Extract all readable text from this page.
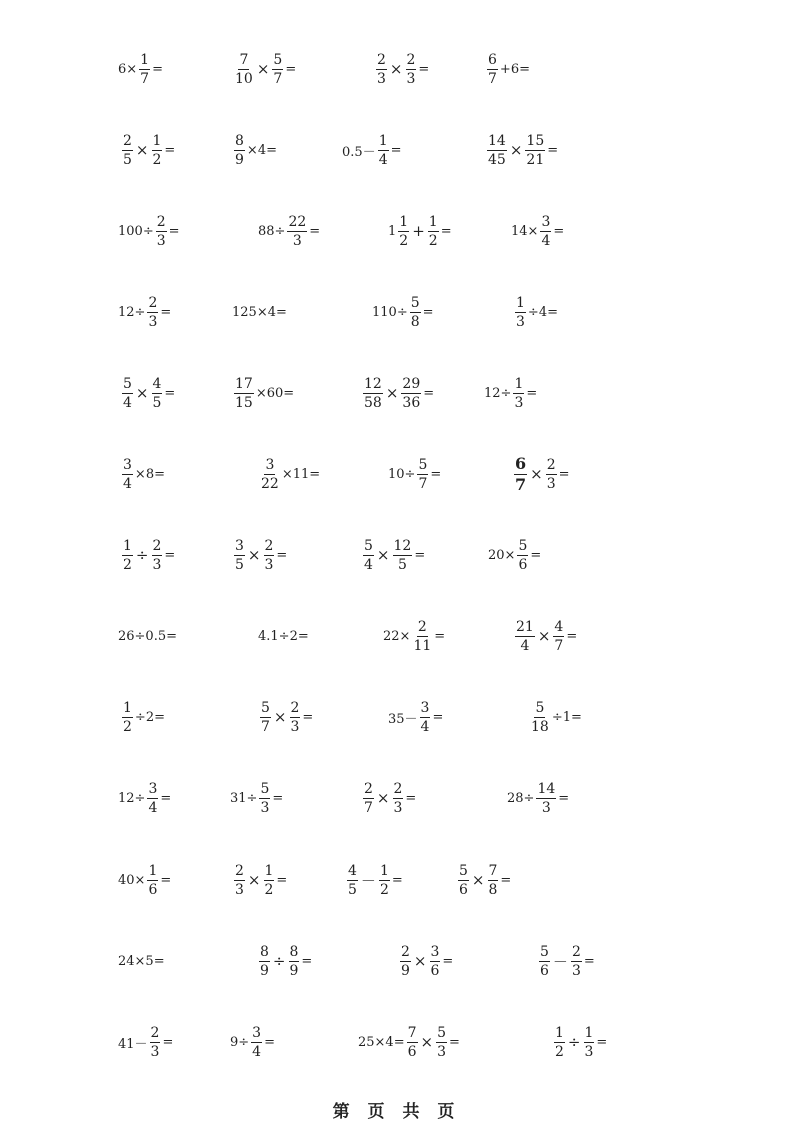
$6\times \frac{1}{7}$ =	$\frac{7}{10} \times \frac{5}{7}$ =	$\frac{2}{3} \times \frac{2}{3}$ =	$\frac{6}{7} +6=$
$\frac{2}{5} \times \frac{1}{2}$ =	$\frac{8}{9} \times 4=$	$0.5- \frac{1}{4}$ =	$\frac{14}{45} \times \frac{15}{21}$ =
$100\div \frac{2}{3}$ =	$88\div \frac{22}{3}$ =	$1 \frac{1}{2} + \frac{1}{2}$ =	$14\times \frac{3}{4}$ =
$12\div \frac{2}{3}$ =	125×4=	$110\div \frac{5}{8}$ =	$\frac{1}{3} \div 4=$
$\frac{5}{4} \times \frac{4}{5}$ =	$\frac{17}{15} \times 60=$	$\frac{12}{58} \times \frac{29}{36}$ =	$12\div \frac{1}{3}$ =
$\frac{3}{4} \times 8=$	$\frac{3}{22} \times 11=$	$10\div \frac{5}{7}$ =	$\frac{6}{7} \times \frac{2}{3}$ =
$\frac{1}{2} \div \frac{2}{3}$ =	$\frac{3}{5} \times \frac{2}{3}$ =	$\frac{5}{4} \times \frac{12}{5}$ =	$20\times \frac{5}{6}$ =
26÷0.5=	4.1÷2=	$22\times \frac{2}{11}$ =	$\frac{21}{4} \times \frac{4}{7}$ =
$\frac{1}{2} \div 2=$	$\frac{5}{7} \times \frac{2}{3}$ =	$35- \frac{3}{4}$ =	$\frac{5}{18} \div 1=$
$12\div \frac{3}{4}$ =	$31\div \frac{5}{3}$ =	$\frac{2}{7} \times \frac{2}{3}$ =	$28\div \frac{14}{3}$ =
$40\times \frac{1}{6}$ =	$\frac{2}{3} \times \frac{1}{2}$ =	$\frac{4}{5} - \frac{1}{2}$ =	$\frac{5}{6} \times \frac{7}{8}$ =
24×5=	$\frac{8}{9} \div \frac{8}{9}$ =	$\frac{2}{9} \times \frac{3}{6}$ =	$\frac{5}{6} - \frac{2}{3}$ =
$41- \frac{2}{3}$ =	$9\div \frac{3}{4}$ =	$25\times 4= \frac{7}{6} \times \frac{5}{3}$ =	$\frac{1}{2} \div \frac{1}{3}$ =
第 页 共 页
